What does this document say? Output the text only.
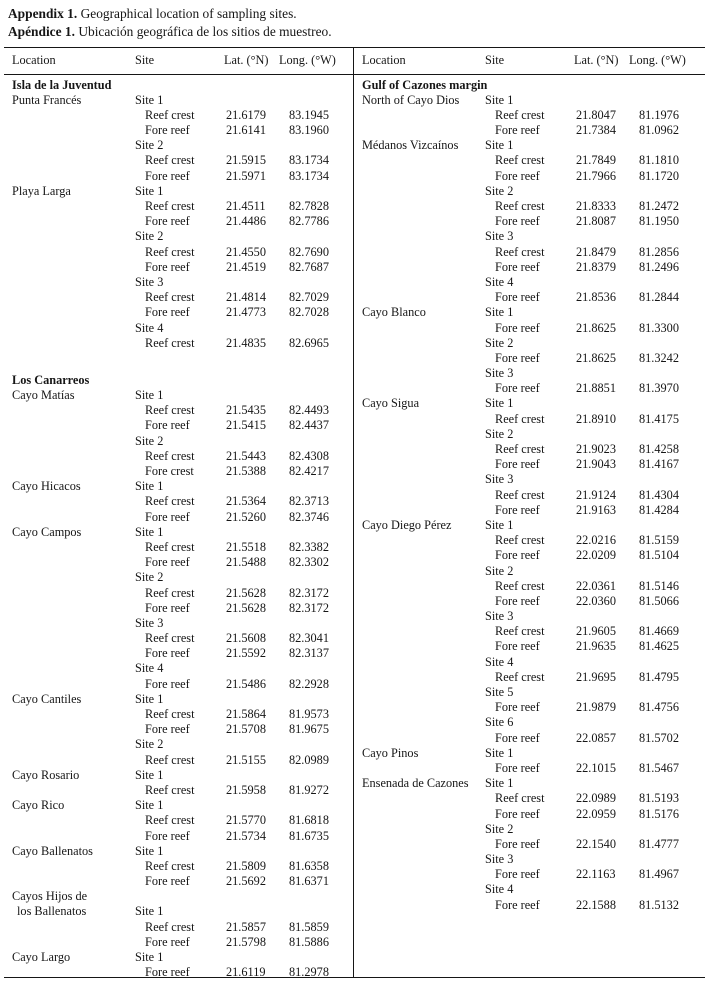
Appendix 1. Geographical location of sampling sites.

Apéndice 1. Ubicación geográfica de los sitios de muestreo.

Location	Site	Lat. (°N) Long. (°W)
Isla de la Juventud
Punta Francés	Site 1
Reef crest	21.6179	83.1945
Fore reef	21.6141	83.1960
Site 2
Reef crest	21.5915	83.1734
Fore reef	21.5971	83.1734
Playa Larga	Site 1
Reef crest	21.4511	82.7828
Fore reef	21.4486	82.7786
Site 2
Reef crest	21.4550	82.7690
Fore reef	21.4519	82.7687
Site 3
Reef crest	21.4814	82.7029
Fore reef	21.4773	82.7028
Site 4
Reef crest	21.4835	82.6965
Los Canarreos
Cayo Matías	Site 1
Reef crest	21.5435	82.4493
Fore reef	21.5415	82.4437
Site 2
Reef crest	21.5443	82.4308
Fore crest	21.5388	82.4217
Cayo Hicacos	Site 1
Reef crest	21.5364	82.3713
Fore reef	21.5260	82.3746
Cayo Campos	Site 1
Reef crest	21.5518	82.3382
Fore reef	21.5488	82.3302
Site 2
Reef crest	21.5628	82.3172
Fore reef	21.5628	82.3172
Site 3
Reef crest	21.5608	82.3041
Fore reef	21.5592	82.3137
Site 4
Fore reef	21.5486	82.2928
Cayo Cantiles	Site 1
Reef crest	21.5864	81.9573
Fore reef	21.5708	81.9675
Site 2
Reef crest	21.5155	82.0989
Cayo Rosario	Site 1
Reef crest	21.5958	81.9272
Cayo Rico	Site 1
Reef crest	21.5770	81.6818
Fore reef	21.5734	81.6735
Cayo Ballenatos	Site 1
Reef crest	21.5809	81.6358
Fore reef	21.5692	81.6371
Cayos Hijos de
los Ballenatos	Site 1
Reef crest	21.5857	81.5859
Fore reef	21.5798	81.5886
Cayo Largo	Site 1
Fore reef	21.6119	81.2978
Location	Site	Lat. (°N) Long. (°W)
Gulf of Cazones margin
North of Cayo Dios	Site 1
Reef crest	21.8047	81.1976
Fore reef	21.7384	81.0962
Médanos Vizcaínos	Site 1
Reef crest	21.7849	81.1810
Fore reef	21.7966	81.1720
Site 2
Reef crest	21.8333	81.2472
Fore reef	21.8087	81.1950
Site 3
Reef crest	21.8479	81.2856
Fore reef	21.8379	81.2496
Site 4
Fore reef	21.8536	81.2844
Cayo Blanco	Site 1
Fore reef	21.8625	81.3300
Site 2
Fore reef	21.8625	81.3242
Site 3
Fore reef	21.8851	81.3970
Cayo Sigua	Site 1
Reef crest	21.8910	81.4175
Site 2
Reef crest	21.9023	81.4258
Fore reef	21.9043	81.4167
Site 3
Reef crest	21.9124	81.4304
Fore reef	21.9163	81.4284
Cayo Diego Pérez	Site 1
Reef crest	22.0216	81.5159
Fore reef	22.0209	81.5104
Site 2
Reef crest	22.0361	81.5146
Fore reef	22.0360	81.5066
Site 3
Reef crest	21.9605	81.4669
Fore reef	21.9635	81.4625
Site 4
Reef crest	21.9695	81.4795
Site 5
Fore reef	21.9879	81.4756
Site 6
Fore reef	22.0857	81.5702
Cayo Pinos	Site 1
Fore reef	22.1015	81.5467
Ensenada de Cazones	Site 1
Reef crest	22.0989	81.5193
Fore reef	22.0959	81.5176
Site 2
Fore reef	22.1540	81.4777
Site 3
Fore reef	22.1163	81.4967
Site 4
Fore reef	22.1588	81.5132
